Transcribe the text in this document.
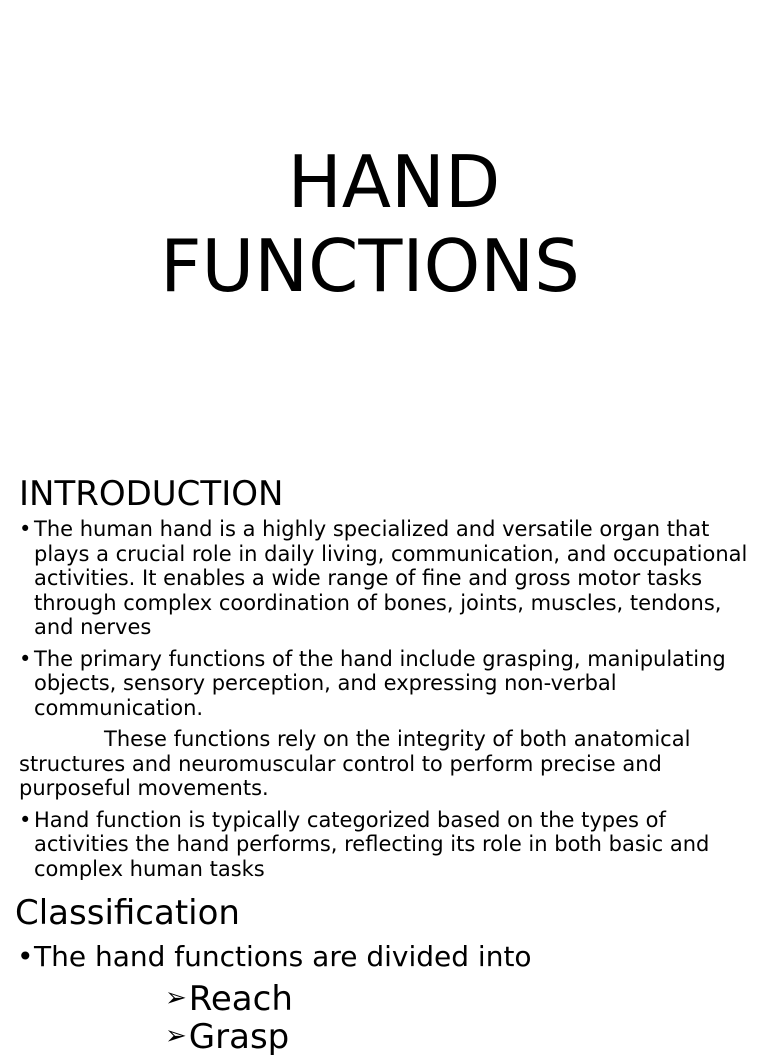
HAND
FUNCTIONS
INTRODUCTION
• The human hand is a highly specialized and versatile organ that plays a crucial role in daily living, communication, and occupational activities. It enables a wide range of fine and gross motor tasks through complex coordination of bones, joints, muscles, tendons, and nerves
• The primary functions of the hand include grasping, manipulating objects, sensory perception, and expressing non-verbal communication.
These functions rely on the integrity of both anatomical structures and neuromuscular control to perform precise and purposeful movements.
• Hand function is typically categorized based on the types of activities the hand performs, reflecting its role in both basic and complex human tasks
Classification
• The hand functions are divided into
➢Reach
➢Grasp
